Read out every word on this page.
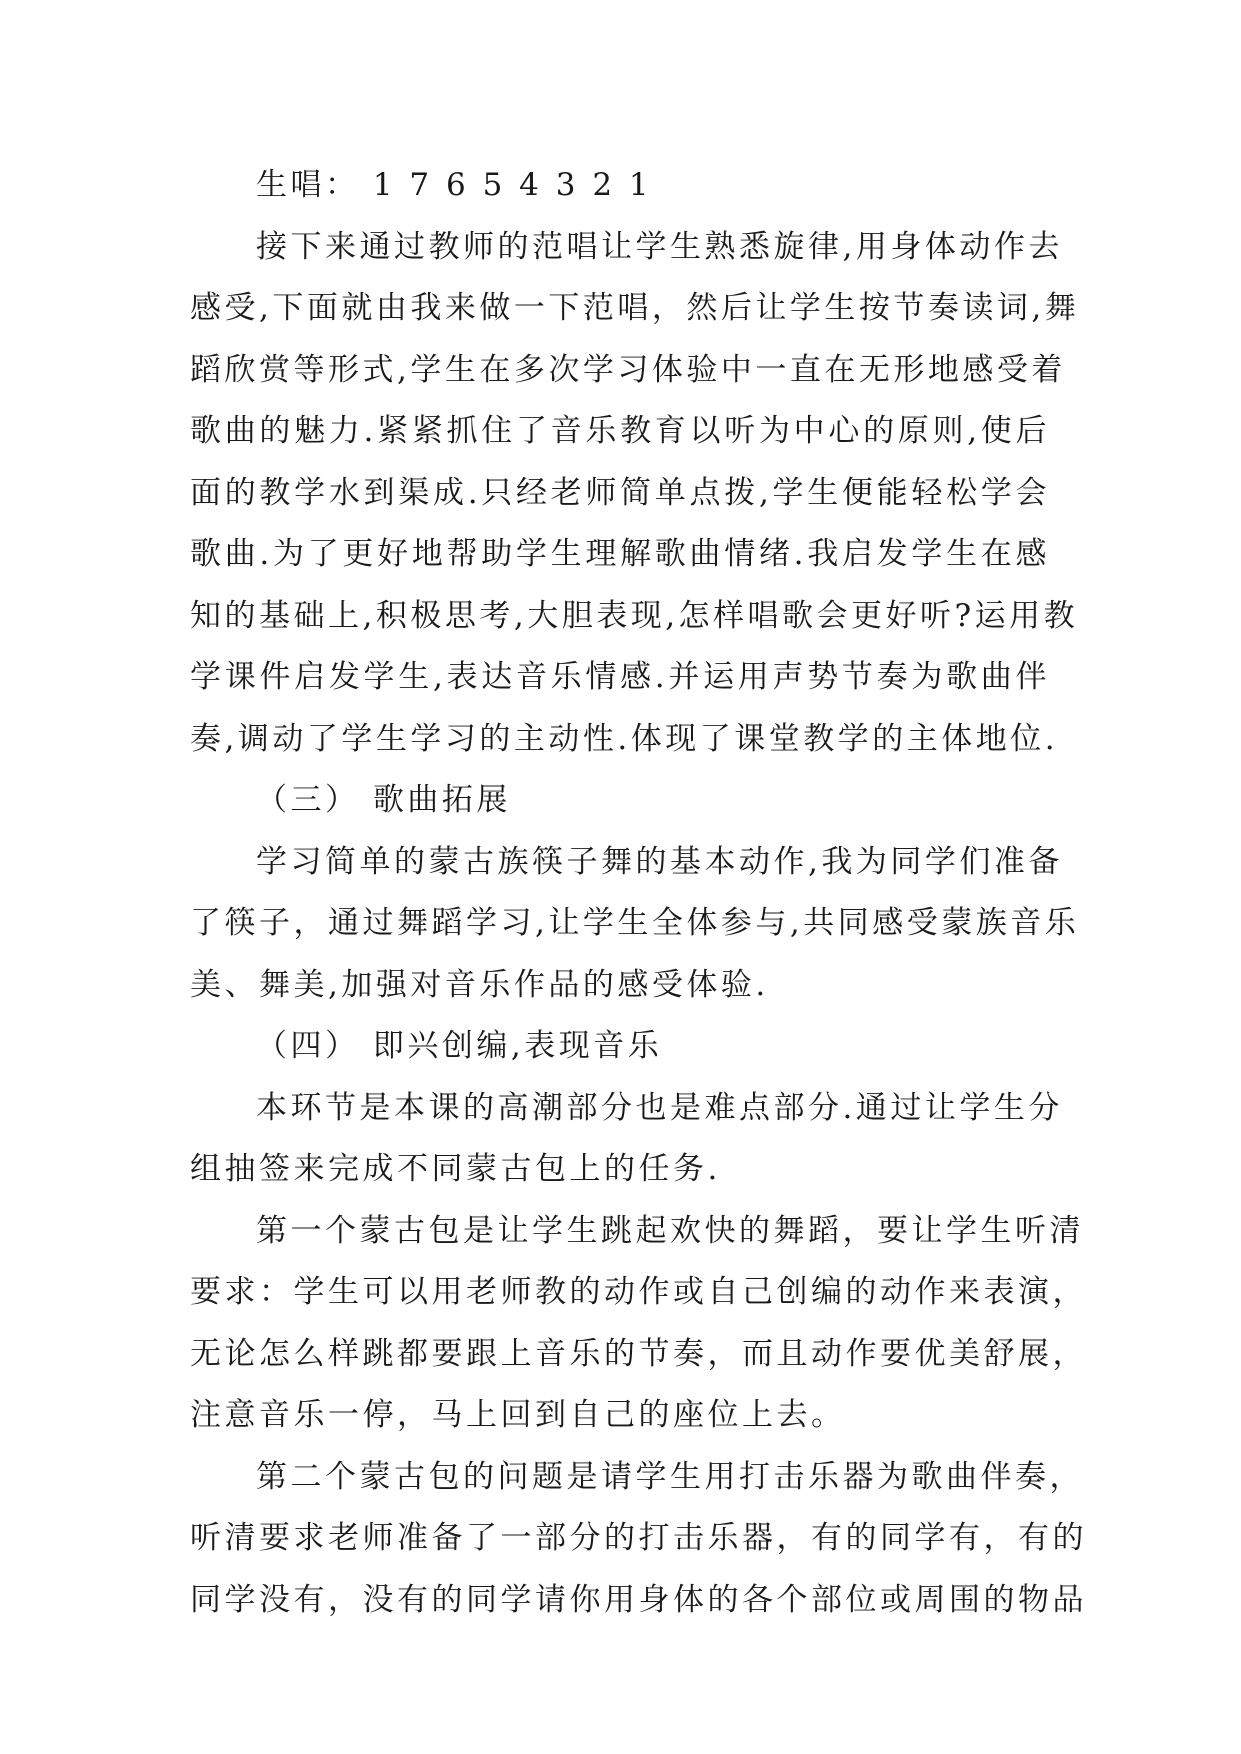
生唱： 1 7 6 5 4 3 2 1
接下来通过教师的范唱让学生熟悉旋律,用身体动作去
感受,下面就由我来做一下范唱，然后让学生按节奏读词,舞
蹈欣赏等形式,学生在多次学习体验中一直在无形地感受着
歌曲的魅力.紧紧抓住了音乐教育以听为中心的原则,使后
面的教学水到渠成.只经老师简单点拨,学生便能轻松学会
歌曲.为了更好地帮助学生理解歌曲情绪.我启发学生在感
知的基础上,积极思考,大胆表现,怎样唱歌会更好听?运用教
学课件启发学生,表达音乐情感.并运用声势节奏为歌曲伴
奏,调动了学生学习的主动性.体现了课堂教学的主体地位.
（三） 歌曲拓展
学习简单的蒙古族筷子舞的基本动作,我为同学们准备
了筷子，通过舞蹈学习,让学生全体参与,共同感受蒙族音乐
美、舞美,加强对音乐作品的感受体验.
（四） 即兴创编,表现音乐
本环节是本课的高潮部分也是难点部分.通过让学生分
组抽签来完成不同蒙古包上的任务.
第一个蒙古包是让学生跳起欢快的舞蹈，要让学生听清
要求：学生可以用老师教的动作或自己创编的动作来表演，
无论怎么样跳都要跟上音乐的节奏，而且动作要优美舒展，
注意音乐一停，马上回到自己的座位上去。
第二个蒙古包的问题是请学生用打击乐器为歌曲伴奏，
听清要求老师准备了一部分的打击乐器，有的同学有，有的
同学没有，没有的同学请你用身体的各个部位或周围的物品
